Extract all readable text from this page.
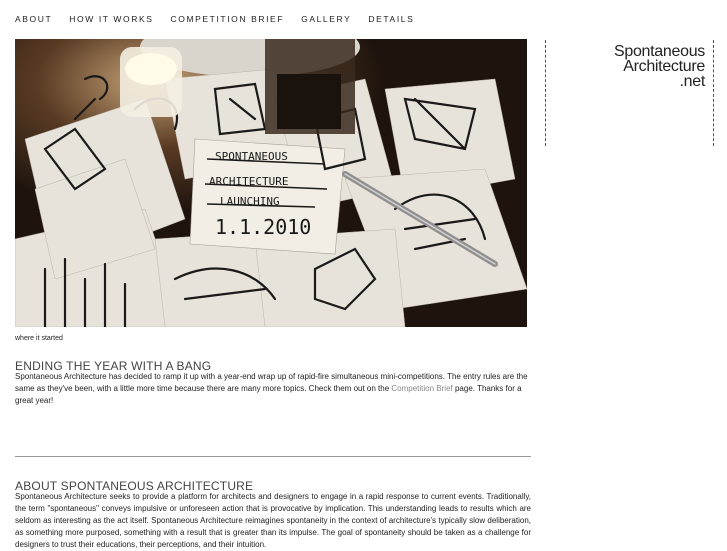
ABOUT HOW IT WORKS COMPETITION BRIEF GALLERY DETAILS
SPONTANEOUS
ARCHITECTURE
LAUNCHING
1.1.2010
where it started
ENDING THE YEAR WITH A BANG

Spontaneous Architecture has decided to ramp it up with a year-end wrap up of rapid-fire simultaneous mini-competitions. The entry rules are the same as they've been, with a little more time because there are many more topics. Check them out on the Competition Brief page. Thanks for a great year!

ABOUT SPONTANEOUS ARCHITECTURE

Spontaneous Architecture seeks to provide a platform for architects and designers to engage in a rapid response to current events. Traditionally, the term "spontaneous" conveys impulsive or unforeseen action that is provocative by implication. This understanding leads to results which are seldom as interesting as the act itself. Spontaneous Architecture reimagines spontaneity in the context of architecture's typically slow deliberation, as something more purposed, something with a result that is greater than its impulse. The goal of spontaneity should be taken as a challenge for designers to trust their educations, their perceptions, and their intuition.

Spontaneous
Architecture
.net
